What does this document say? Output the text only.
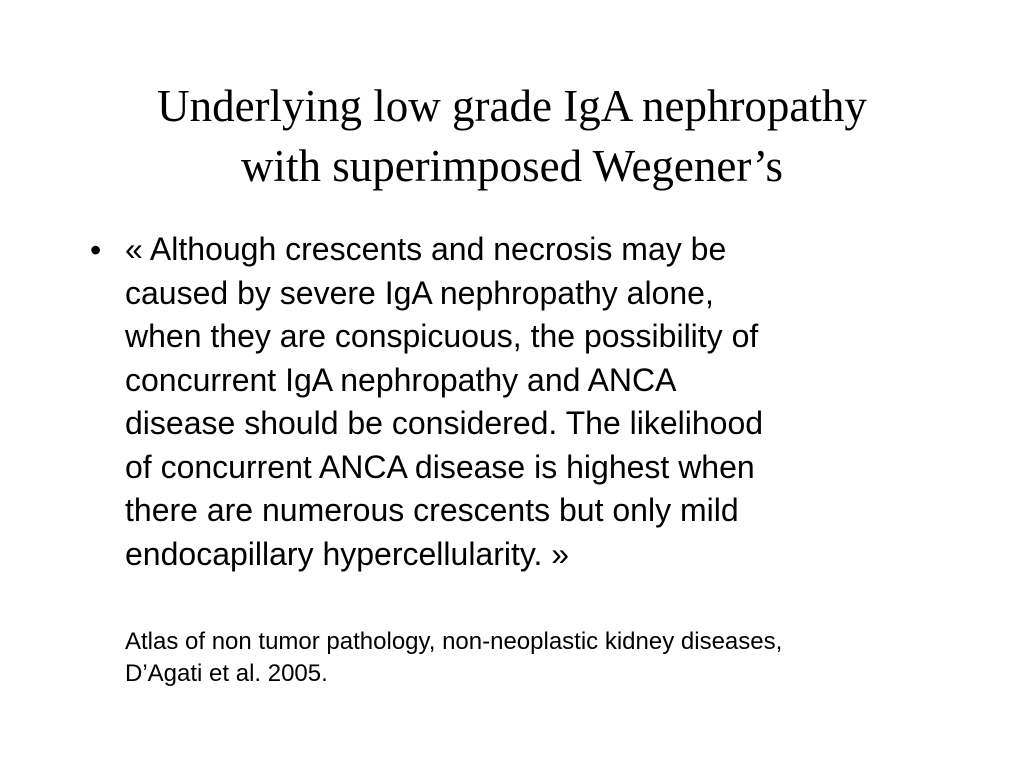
Underlying low grade IgA nephropathy
with superimposed Wegener’s
• « Although crescents and necrosis may be
caused by severe IgA nephropathy alone,
when they are conspicuous, the possibility of
concurrent IgA nephropathy and ANCA
disease should be considered. The likelihood
of concurrent ANCA disease is highest when
there are numerous crescents but only mild
endocapillary hypercellularity. »
Atlas of non tumor pathology, non-neoplastic kidney diseases,
D’Agati et al. 2005.
